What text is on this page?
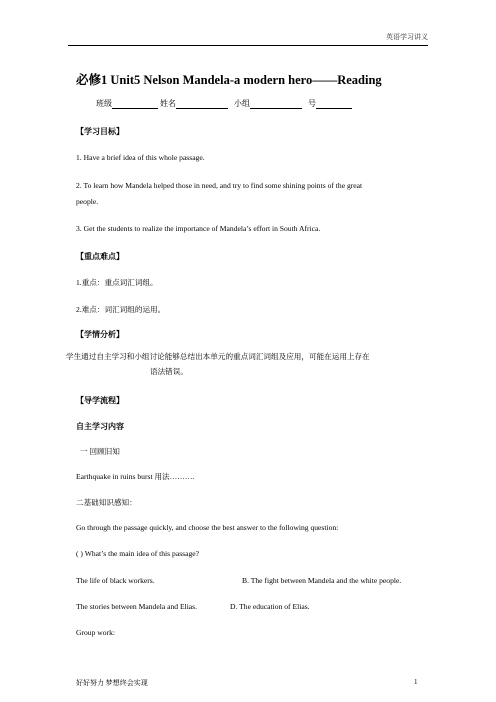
英语学习讲义
必修1 Unit5 Nelson Mandela-a modern hero——Reading
班级	姓名	小组	号
【学习目标】
1. Have a brief idea of this whole passage.
2. To learn how Mandela helped those in need, and try to find some shining points of the great
people.
3. Get the students to realize the importance of Mandela’s effort in South Africa.
【重点难点】
1.重点：重点词汇词组。
2.难点：词汇词组的运用。
【学情分析】
学生通过自主学习和小组讨论能够总结出本单元的重点词汇词组及应用，可能在运用上存在
语法错误。
【导学流程】
自主学习内容
一 回顾旧知
Earthquake in ruins burst 用法……….
二基础知识感知：
Go through the passage quickly, and choose the best answer to the following question:
( ) What’s the main idea of this passage?
The life of black workers.	B. The fight between Mandela and the white people.
The stories between Mandela and Elias.	D. The education of Elias.
Group work:
好好努力 梦想终会实现	1
